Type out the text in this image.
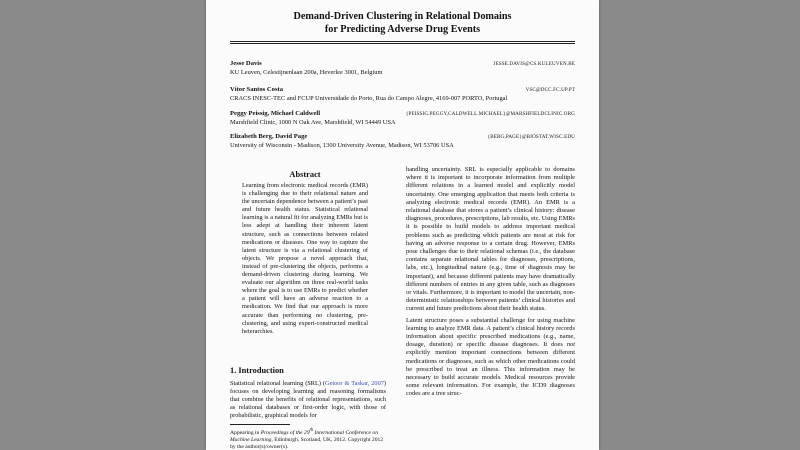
Demand-Driven Clustering in Relational Domains
for Predicting Adverse Drug Events
Jesse Davis	JESSE.DAVIS@CS.KULEUVEN.BE
KU Leuven, Celestijnenlaan 200a, Heverlee 3001, Belgium
Vítor Santos Costa	VSC@DCC.FC.UP.PT
CRACS INESC-TEC and FCUP Universidade do Porto, Rua do Campo Alegre, 4169-007 PORTO, Portugal
Peggy Peissig, Michael Caldwell	{PEISSIG.PEGGY,CALDWELL.MICHAEL}@MARSHFIELDCLINIC.ORG
Marshfield Clinic, 1000 N Oak Ave, Marshfield, WI 54449 USA
Elizabeth Berg, David Page	{BERG,PAGE}@BIOSTAT.WISC.EDU
University of Wisconsin - Madison, 1300 University Avenue, Madison, WI 53706 USA
Abstract
Learning from electronic medical records (EMR) is challenging due to their relational nature and the uncertain dependence between a patient’s past and future health status. Statistical relational learning is a natural fit for analyzing EMRs but is less adept at handling their inherent latent structure, such as connections between related medications or diseases. One way to capture the latent structure is via a relational clustering of objects. We propose a novel approach that, instead of pre-clustering the objects, performs a demand-driven clustering during learning. We evaluate our algorithm on three real-world tasks where the goal is to use EMRs to predict whether a patient will have an adverse reaction to a medication. We find that our approach is more accurate than performing no clustering, pre-clustering, and using expert-constructed medical heterarchies.
1. Introduction
Statistical relational learning (SRL) (Getoor & Taskar, 2007) focuses on developing learning and reasoning formalisms that combine the benefits of relational representations, such as relational databases or first-order logic, with those of probabilistic, graphical models for
Appearing in Proceedings of the 29th International Conference on Machine Learning, Edinburgh, Scotland, UK, 2012. Copyright 2012 by the author(s)/owner(s).

handling uncertainty. SRL is especially applicable to domains where it is important to incorporate information from multiple different relations in a learned model and explicitly model uncertainty. One emerging application that meets both criteria is analyzing electronic medical records (EMR). An EMR is a relational database that stores a patient’s clinical history: disease diagnoses, procedures, prescriptions, lab results, etc. Using EMRs it is possible to build models to address important medical problems such as predicting which patients are most at risk for having an adverse response to a certain drug. However, EMRs pose challenges due to their relational schemas (i.e., the database contains separate relational tables for diagnoses, prescriptions, labs, etc.), longitudinal nature (e.g., time of diagnosis may be important), and because different patients may have dramatically different numbers of entries in any given table, such as diagnoses or vitals. Furthermore, it is important to model the uncertain, non-deterministic relationships between patients’ clinical histories and current and future predictions about their health status.

Latent structure poses a substantial challenge for using machine learning to analyze EMR data. A patient’s clinical history records information about specific prescribed medications (e.g., name, dosage, duration) or specific disease diagnoses. It does not explicitly mention important connections between different medications or diagnoses, such as which other medications could be prescribed to treat an illness. This information may be necessary to build accurate models. Medical resources provide some relevant information. For example, the ICD9 diagnoses codes are a tree struc-
